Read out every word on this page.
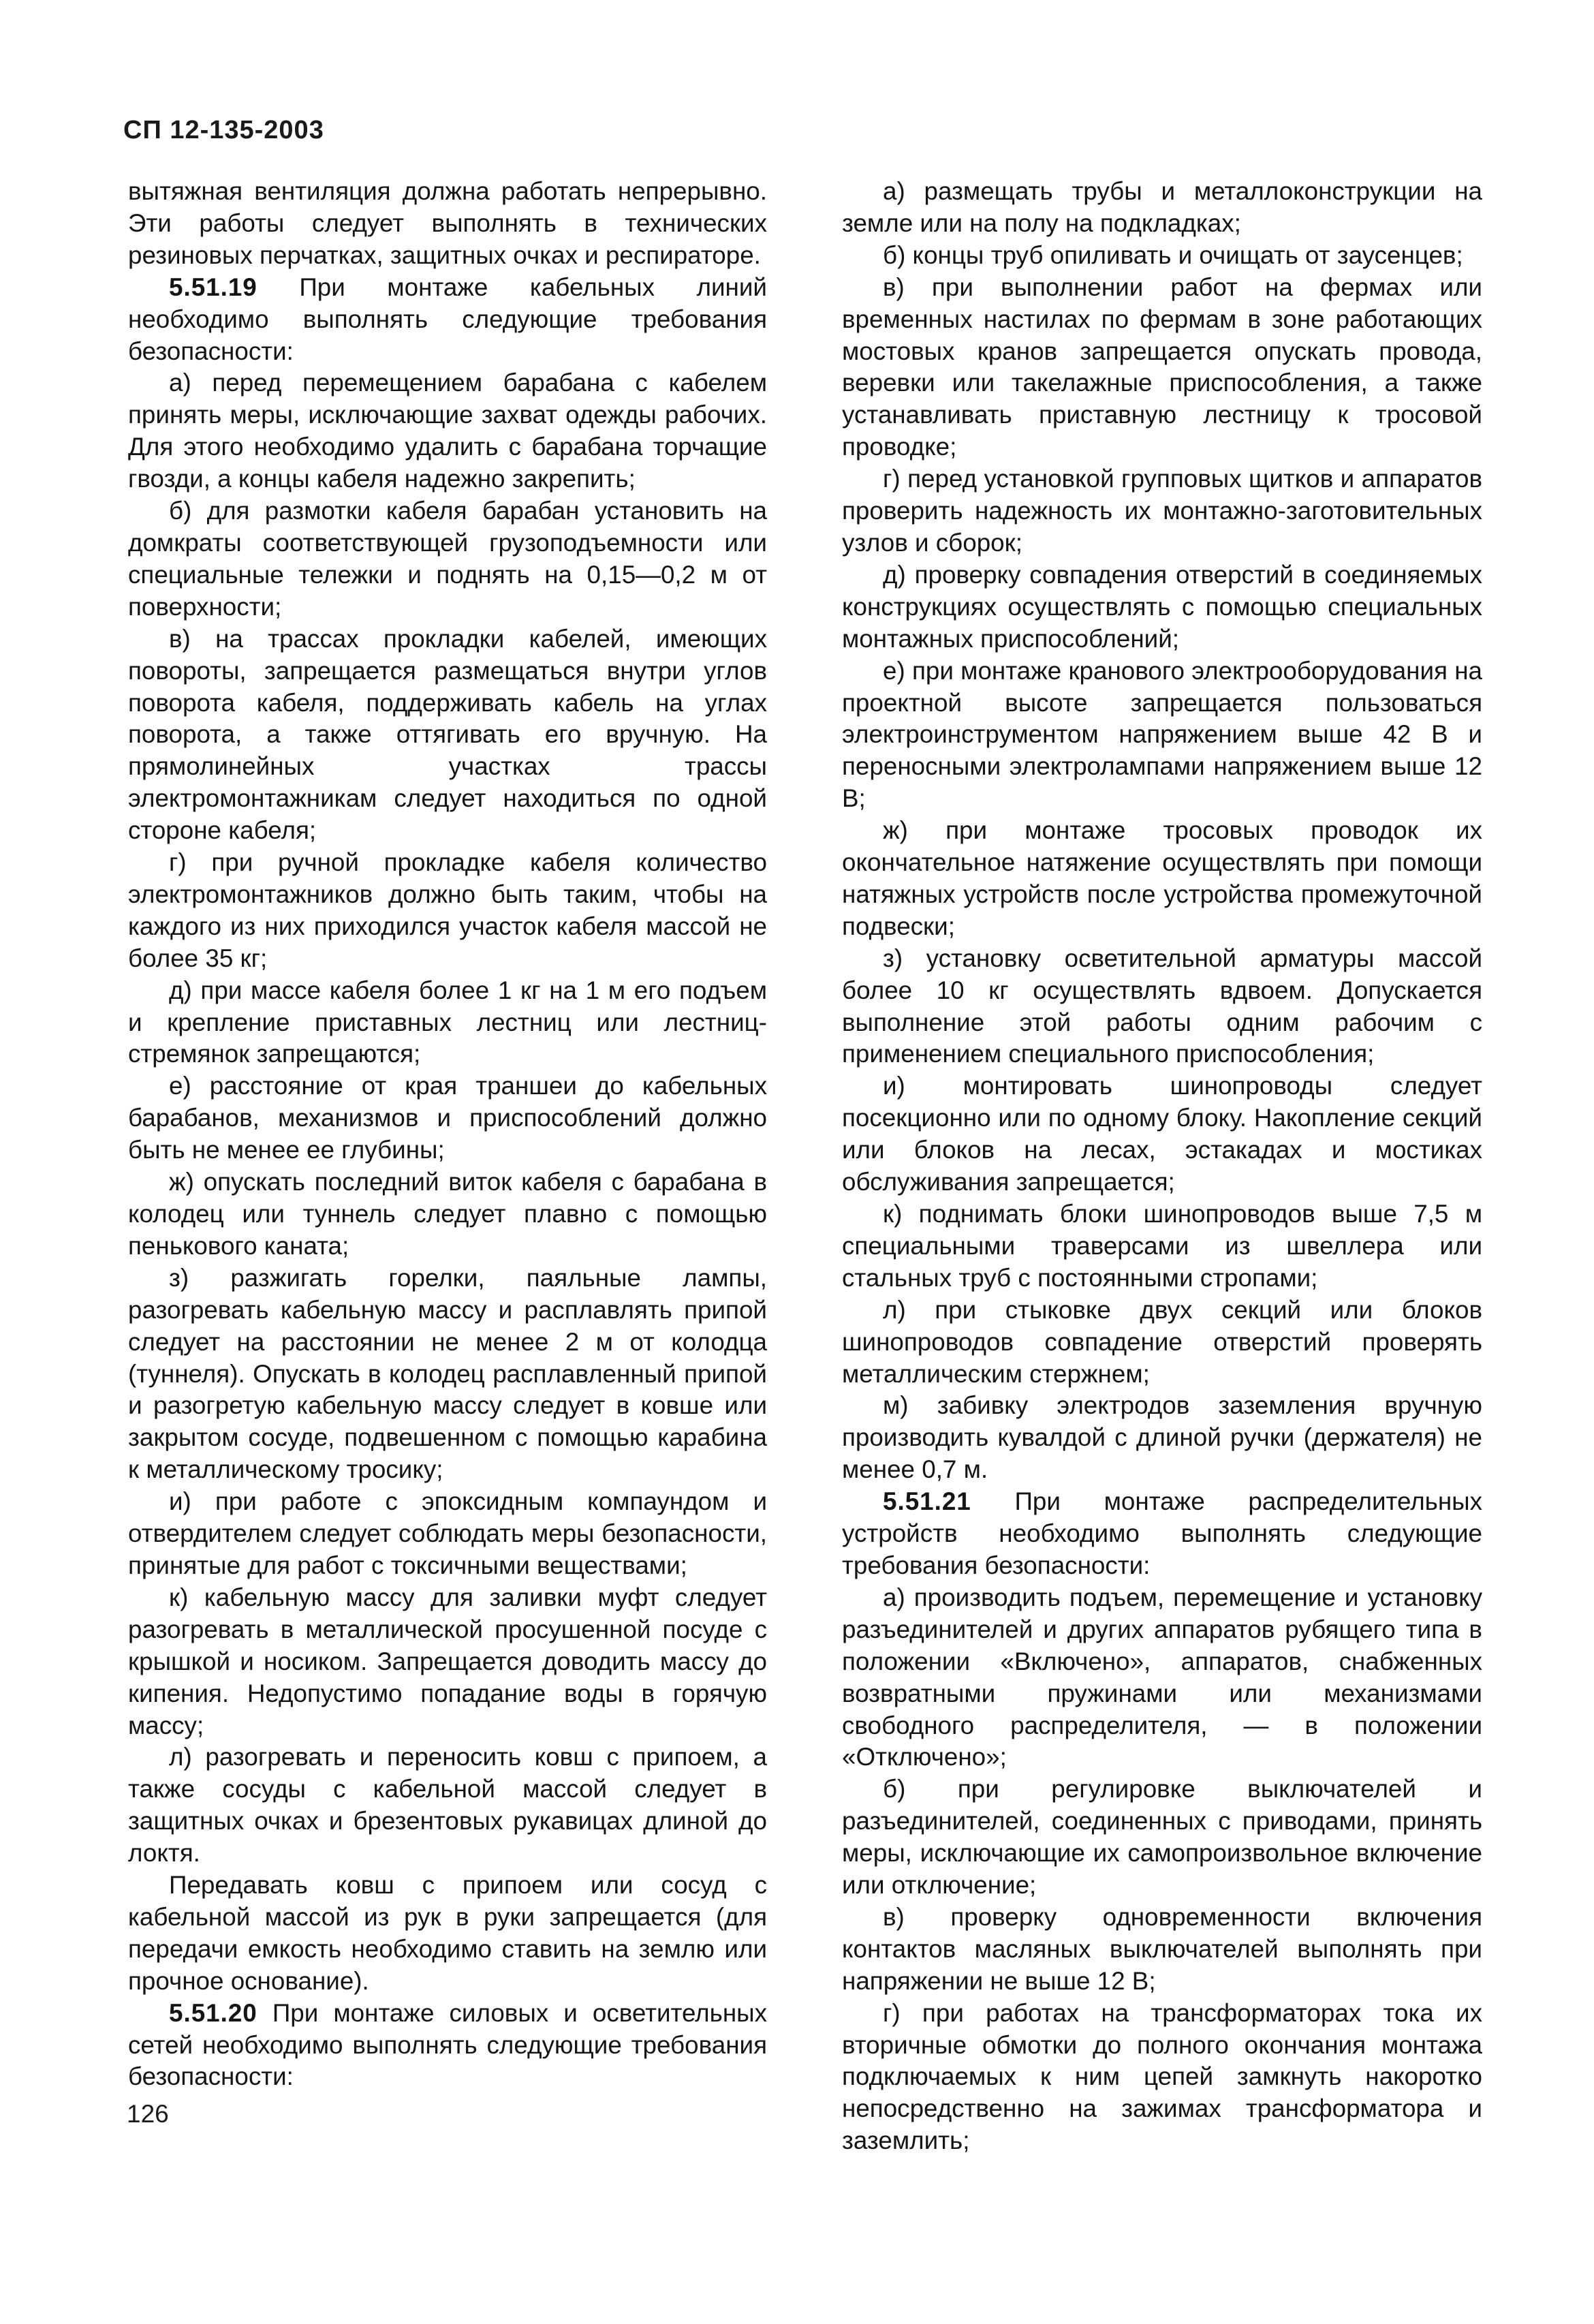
СП 12-135-2003

вытяжная вентиляция должна работать непрерывно. Эти работы следует выполнять в технических резиновых перчатках, защитных очках и респираторе.

5.51.19 При монтаже кабельных линий необходимо выполнять следующие требования безопасности:

а) перед перемещением барабана с кабелем принять меры, исключающие захват одежды рабочих. Для этого необходимо удалить с барабана торчащие гвозди, а концы кабеля надежно закрепить;

б) для размотки кабеля барабан установить на домкраты соответствующей грузоподъемности или специальные тележки и поднять на 0,15—0,2 м от поверхности;

в) на трассах прокладки кабелей, имеющих повороты, запрещается размещаться внутри углов поворота кабеля, поддерживать кабель на углах поворота, а также оттягивать его вручную. На прямолинейных участках трассы электромонтажникам следует находиться по одной стороне кабеля;

г) при ручной прокладке кабеля количество электромонтажников должно быть таким, чтобы на каждого из них приходился участок кабеля массой не более 35 кг;

д) при массе кабеля более 1 кг на 1 м его подъем и крепление приставных лестниц или лестниц-стремянок запрещаются;

е) расстояние от края траншеи до кабельных барабанов, механизмов и приспособлений должно быть не менее ее глубины;

ж) опускать последний виток кабеля с барабана в колодец или туннель следует плавно с помощью пенькового каната;

з) разжигать горелки, паяльные лампы, разогревать кабельную массу и расплавлять припой следует на расстоянии не менее 2 м от колодца (туннеля). Опускать в колодец расплавленный припой и разогретую кабельную массу следует в ковше или закрытом сосуде, подвешенном с помощью карабина к металлическому тросику;

и) при работе с эпоксидным компаундом и отвердителем следует соблюдать меры безопасности, принятые для работ с токсичными веществами;

к) кабельную массу для заливки муфт следует разогревать в металлической просушенной посуде с крышкой и носиком. Запрещается доводить массу до кипения. Недопустимо попадание воды в горячую массу;

л) разогревать и переносить ковш с припоем, а также сосуды с кабельной массой следует в защитных очках и брезентовых рукавицах длиной до локтя.

Передавать ковш с припоем или сосуд с кабельной массой из рук в руки запрещается (для передачи емкость необходимо ставить на землю или прочное основание).

5.51.20 При монтаже силовых и осветительных сетей необходимо выполнять следующие требования безопасности:

а) размещать трубы и металлоконструкции на земле или на полу на подкладках;

б) концы труб опиливать и очищать от заусенцев;

в) при выполнении работ на фермах или временных настилах по фермам в зоне работающих мостовых кранов запрещается опускать провода, веревки или такелажные приспособления, а также устанавливать приставную лестницу к тросовой проводке;

г) перед установкой групповых щитков и аппаратов проверить надежность их монтажно-заготовительных узлов и сборок;

д) проверку совпадения отверстий в соединяемых конструкциях осуществлять с помощью специальных монтажных приспособлений;

е) при монтаже кранового электрооборудования на проектной высоте запрещается пользоваться электроинструментом напряжением выше 42 В и переносными электролампами напряжением выше 12 В;

ж) при монтаже тросовых проводок их окончательное натяжение осуществлять при помощи натяжных устройств после устройства промежуточной подвески;

з) установку осветительной арматуры массой более 10 кг осуществлять вдвоем. Допускается выполнение этой работы одним рабочим с применением специального приспособления;

и) монтировать шинопроводы следует посекционно или по одному блоку. Накопление секций или блоков на лесах, эстакадах и мостиках обслуживания запрещается;

к) поднимать блоки шинопроводов выше 7,5 м специальными траверсами из швеллера или стальных труб с постоянными стропами;

л) при стыковке двух секций или блоков шинопроводов совпадение отверстий проверять металлическим стержнем;

м) забивку электродов заземления вручную производить кувалдой с длиной ручки (держателя) не менее 0,7 м.

5.51.21 При монтаже распределительных устройств необходимо выполнять следующие требования безопасности:

а) производить подъем, перемещение и установку разъединителей и других аппаратов рубящего типа в положении «Включено», аппаратов, снабженных возвратными пружинами или механизмами свободного распределителя, — в положении «Отключено»;

б) при регулировке выключателей и разъединителей, соединенных с приводами, принять меры, исключающие их самопроизвольное включение или отключение;

в) проверку одновременности включения контактов масляных выключателей выполнять при напряжении не выше 12 В;

г) при работах на трансформаторах тока их вторичные обмотки до полного окончания монтажа подключаемых к ним цепей замкнуть накоротко непосредственно на зажимах трансформатора и заземлить;

126
